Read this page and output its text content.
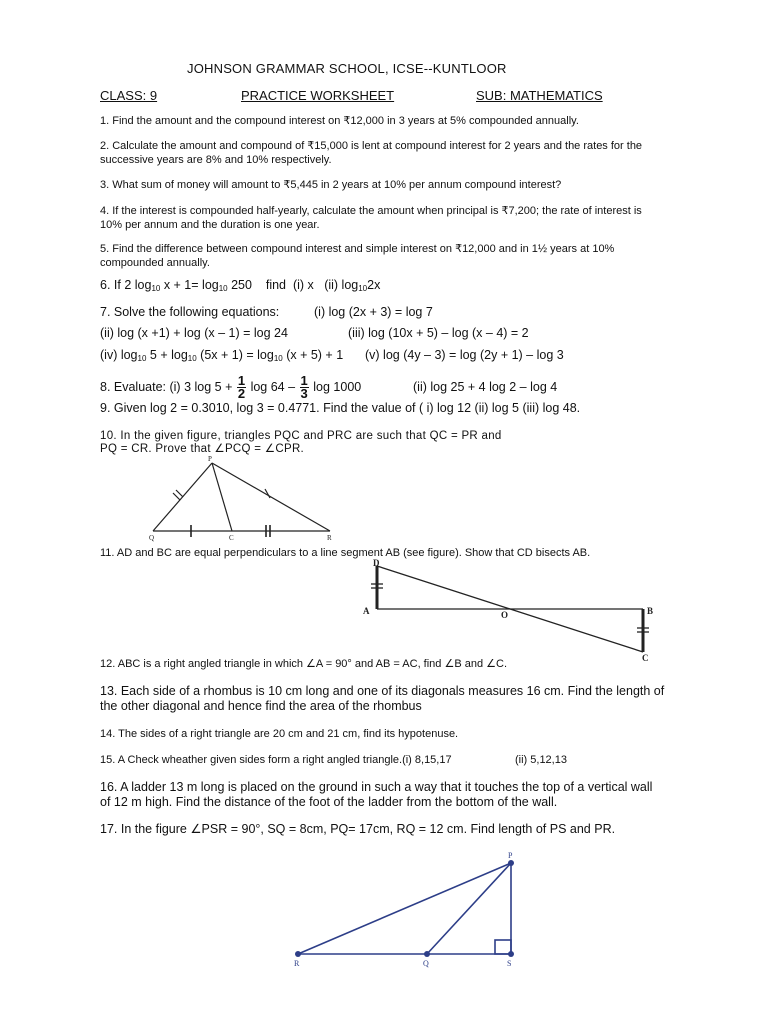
JOHNSON GRAMMAR SCHOOL, ICSE--KUNTLOOR
CLASS: 9	PRACTICE WORKSHEET	SUB: MATHEMATICS
1. Find the amount and the compound interest on ₹12,000 in 3 years at 5% compounded annually.
2. Calculate the amount and compound of ₹15,000 is lent at compound interest for 2 years and the rates for the successive years are 8% and 10% respectively.
3. What sum of money will amount to ₹5,445 in 2 years at 10% per annum compound interest?
4. If the interest is compounded half-yearly, calculate the amount when principal is ₹7,200; the rate of interest is 10% per annum and the duration is one year.
5. Find the difference between compound interest and simple interest on ₹12,000 and in 1½ years at 10% compounded annually.
6. If 2 $\log_{10} x + 1= \log_{10} 250$    find  (i) x   (ii) $\log_{10}2x$
7. Solve the following equations:	(i) log (2x + 3) = log 7
(ii) log (x +1) + log (x – 1) = log 24	(iii) log (10x + 5) – log (x – 4) = 2
(iv) $\log_{10} 5 + \log_{10} (5x + 1) = \log_{10} (x + 5) + 1$ (v) log (4y – 3) = log (2y + 1) – log 3
8. Evaluate: (i) 3 $\log 5 + \frac{1}{2}$ $\log 64 - \frac{1}{3}$ log 1000	(ii) log 25 + 4 log 2 – log 4
9. Given log 2 = 0.3010, log 3 = 0.4771. Find the value of ( i) log 12 (ii) log 5 (iii) log 48.
10. In the given figure, triangles PQC and PRC are such that QC = PR and
PQ = CR. Prove that ∠PCQ = ∠CPR.
P
Q	C	R
11. AD and BC are equal perpendiculars to a line segment AB (see figure). Show that CD bisects AB.
D
A	O	B
C
12. ABC is a right angled triangle in which ∠A = 90° and AB = AC, find ∠B and ∠C.
13. Each side of a rhombus is 10 cm long and one of its diagonals measures 16 cm. Find the length of the other diagonal and hence find the area of the rhombus
14. The sides of a right triangle are 20 cm and 21 cm, find its hypotenuse.
15. A Check wheather given sides form a right angled triangle.(i) 8,15,17	(ii) 5,12,13
16. A ladder 13 m long is placed on the ground in such a way that it touches the top of a vertical wall of 12 m high. Find the distance of the foot of the ladder from the bottom of the wall.
17. In the figure ∠PSR = 90°, SQ = 8cm, PQ= 17cm, RQ = 12 cm. Find length of PS and PR.
P
R	Q	S
